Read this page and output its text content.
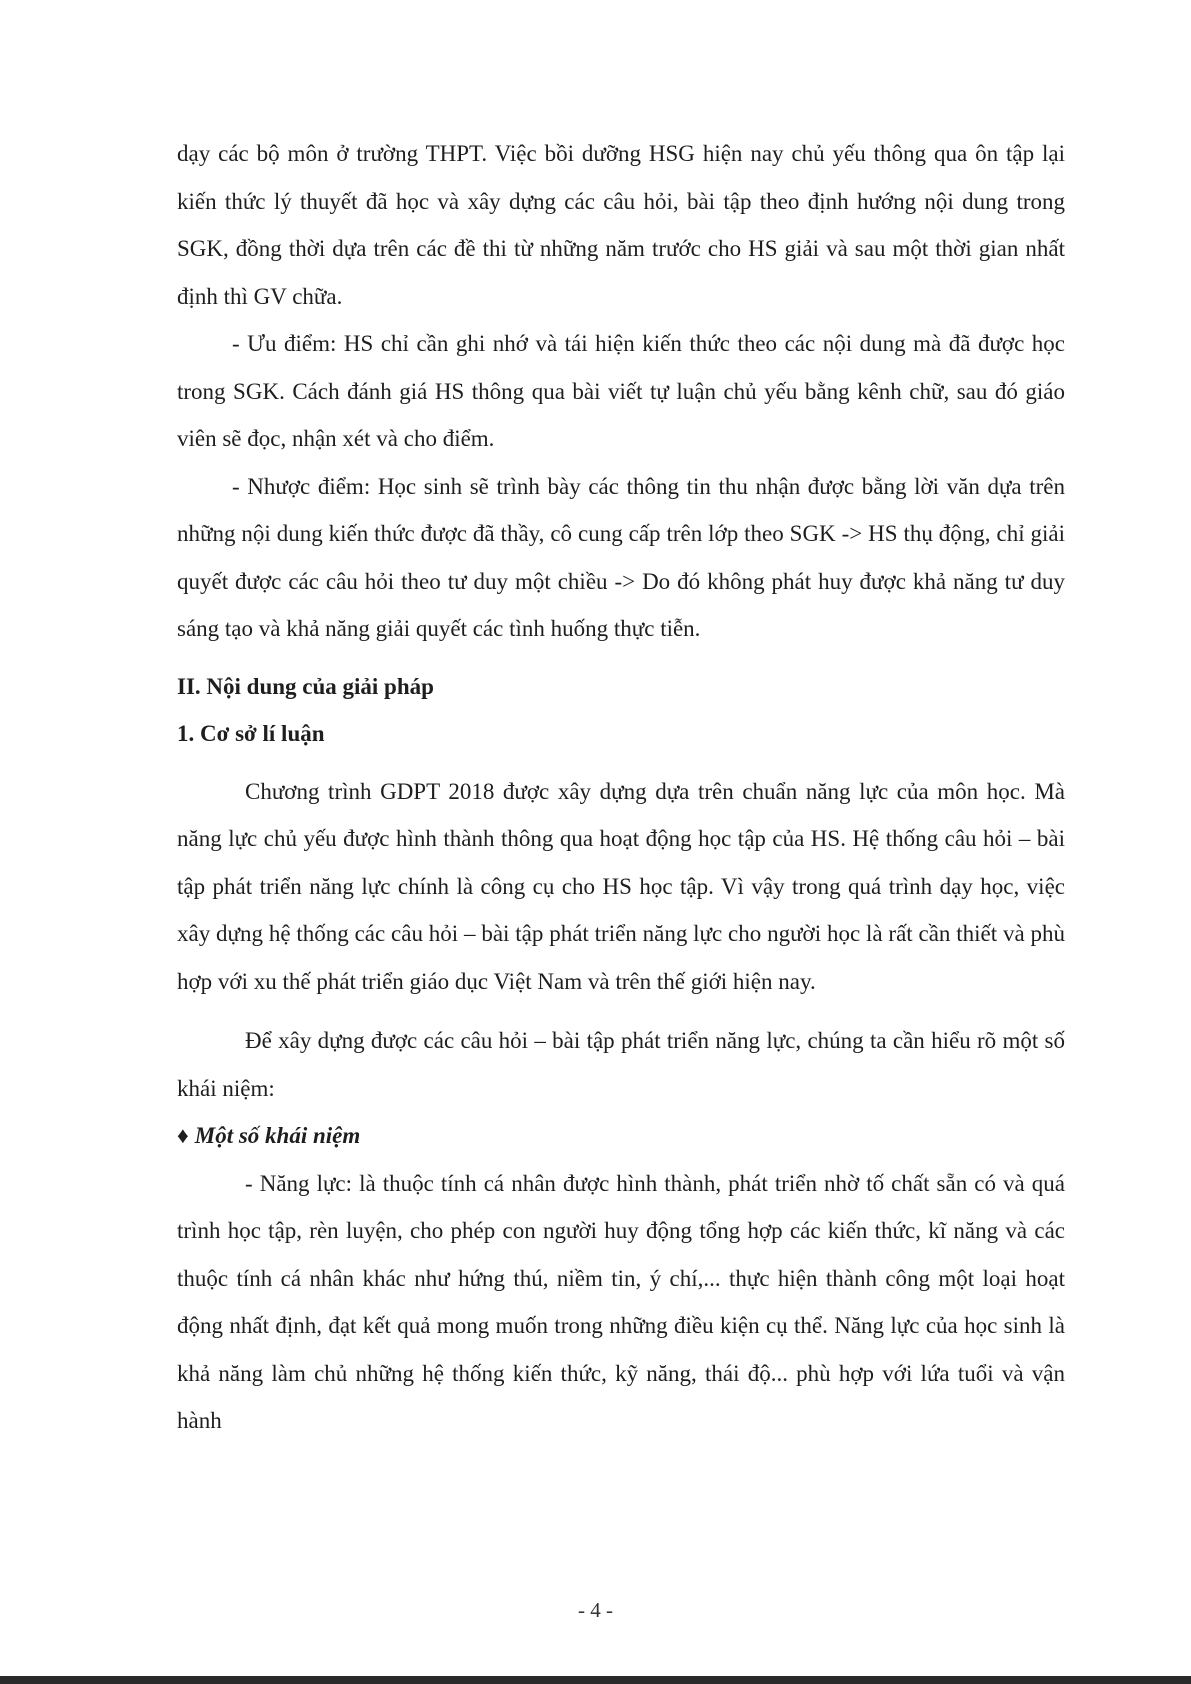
dạy các bộ môn ở trường THPT. Việc bồi dưỡng HSG hiện nay chủ yếu thông qua ôn tập lại kiến thức lý thuyết đã học và xây dựng các câu hỏi, bài tập theo định hướng nội dung trong SGK, đồng thời dựa trên các đề thi từ những năm trước cho HS giải và sau một thời gian nhất định thì GV chữa.

- Ưu điểm: HS chỉ cần ghi nhớ và tái hiện kiến thức theo các nội dung mà đã được học trong SGK. Cách đánh giá HS thông qua bài viết tự luận chủ yếu bằng kênh chữ, sau đó giáo viên sẽ đọc, nhận xét và cho điểm.

- Nhược điểm: Học sinh sẽ trình bày các thông tin thu nhận được bằng lời văn dựa trên những nội dung kiến thức được đã thầy, cô cung cấp trên lớp theo SGK -> HS thụ động, chỉ giải quyết được các câu hỏi theo tư duy một chiều -> Do đó không phát huy được khả năng tư duy sáng tạo và khả năng giải quyết các tình huống thực tiễn.

II. Nội dung của giải pháp

1. Cơ sở lí luận

Chương trình GDPT 2018 được xây dựng dựa trên chuẩn năng lực của môn học. Mà năng lực chủ yếu được hình thành thông qua hoạt động học tập của HS. Hệ thống câu hỏi – bài tập phát triển năng lực chính là công cụ cho HS học tập. Vì vậy trong quá trình dạy học, việc xây dựng hệ thống các câu hỏi – bài tập phát triển năng lực cho người học là rất cần thiết và phù hợp với xu thế phát triển giáo dục Việt Nam và trên thế giới hiện nay.

Để xây dựng được các câu hỏi – bài tập phát triển năng lực, chúng ta cần hiểu rõ một số khái niệm:

♦ Một số khái niệm

- Năng lực: là thuộc tính cá nhân được hình thành, phát triển nhờ tố chất sẵn có và quá trình học tập, rèn luyện, cho phép con người huy động tổng hợp các kiến thức, kĩ năng và các thuộc tính cá nhân khác như hứng thú, niềm tin, ý chí,... thực hiện thành công một loại hoạt động nhất định, đạt kết quả mong muốn trong những điều kiện cụ thể. Năng lực của học sinh là khả năng làm chủ những hệ thống kiến thức, kỹ năng, thái độ... phù hợp với lứa tuổi và vận hành

- 4 -
